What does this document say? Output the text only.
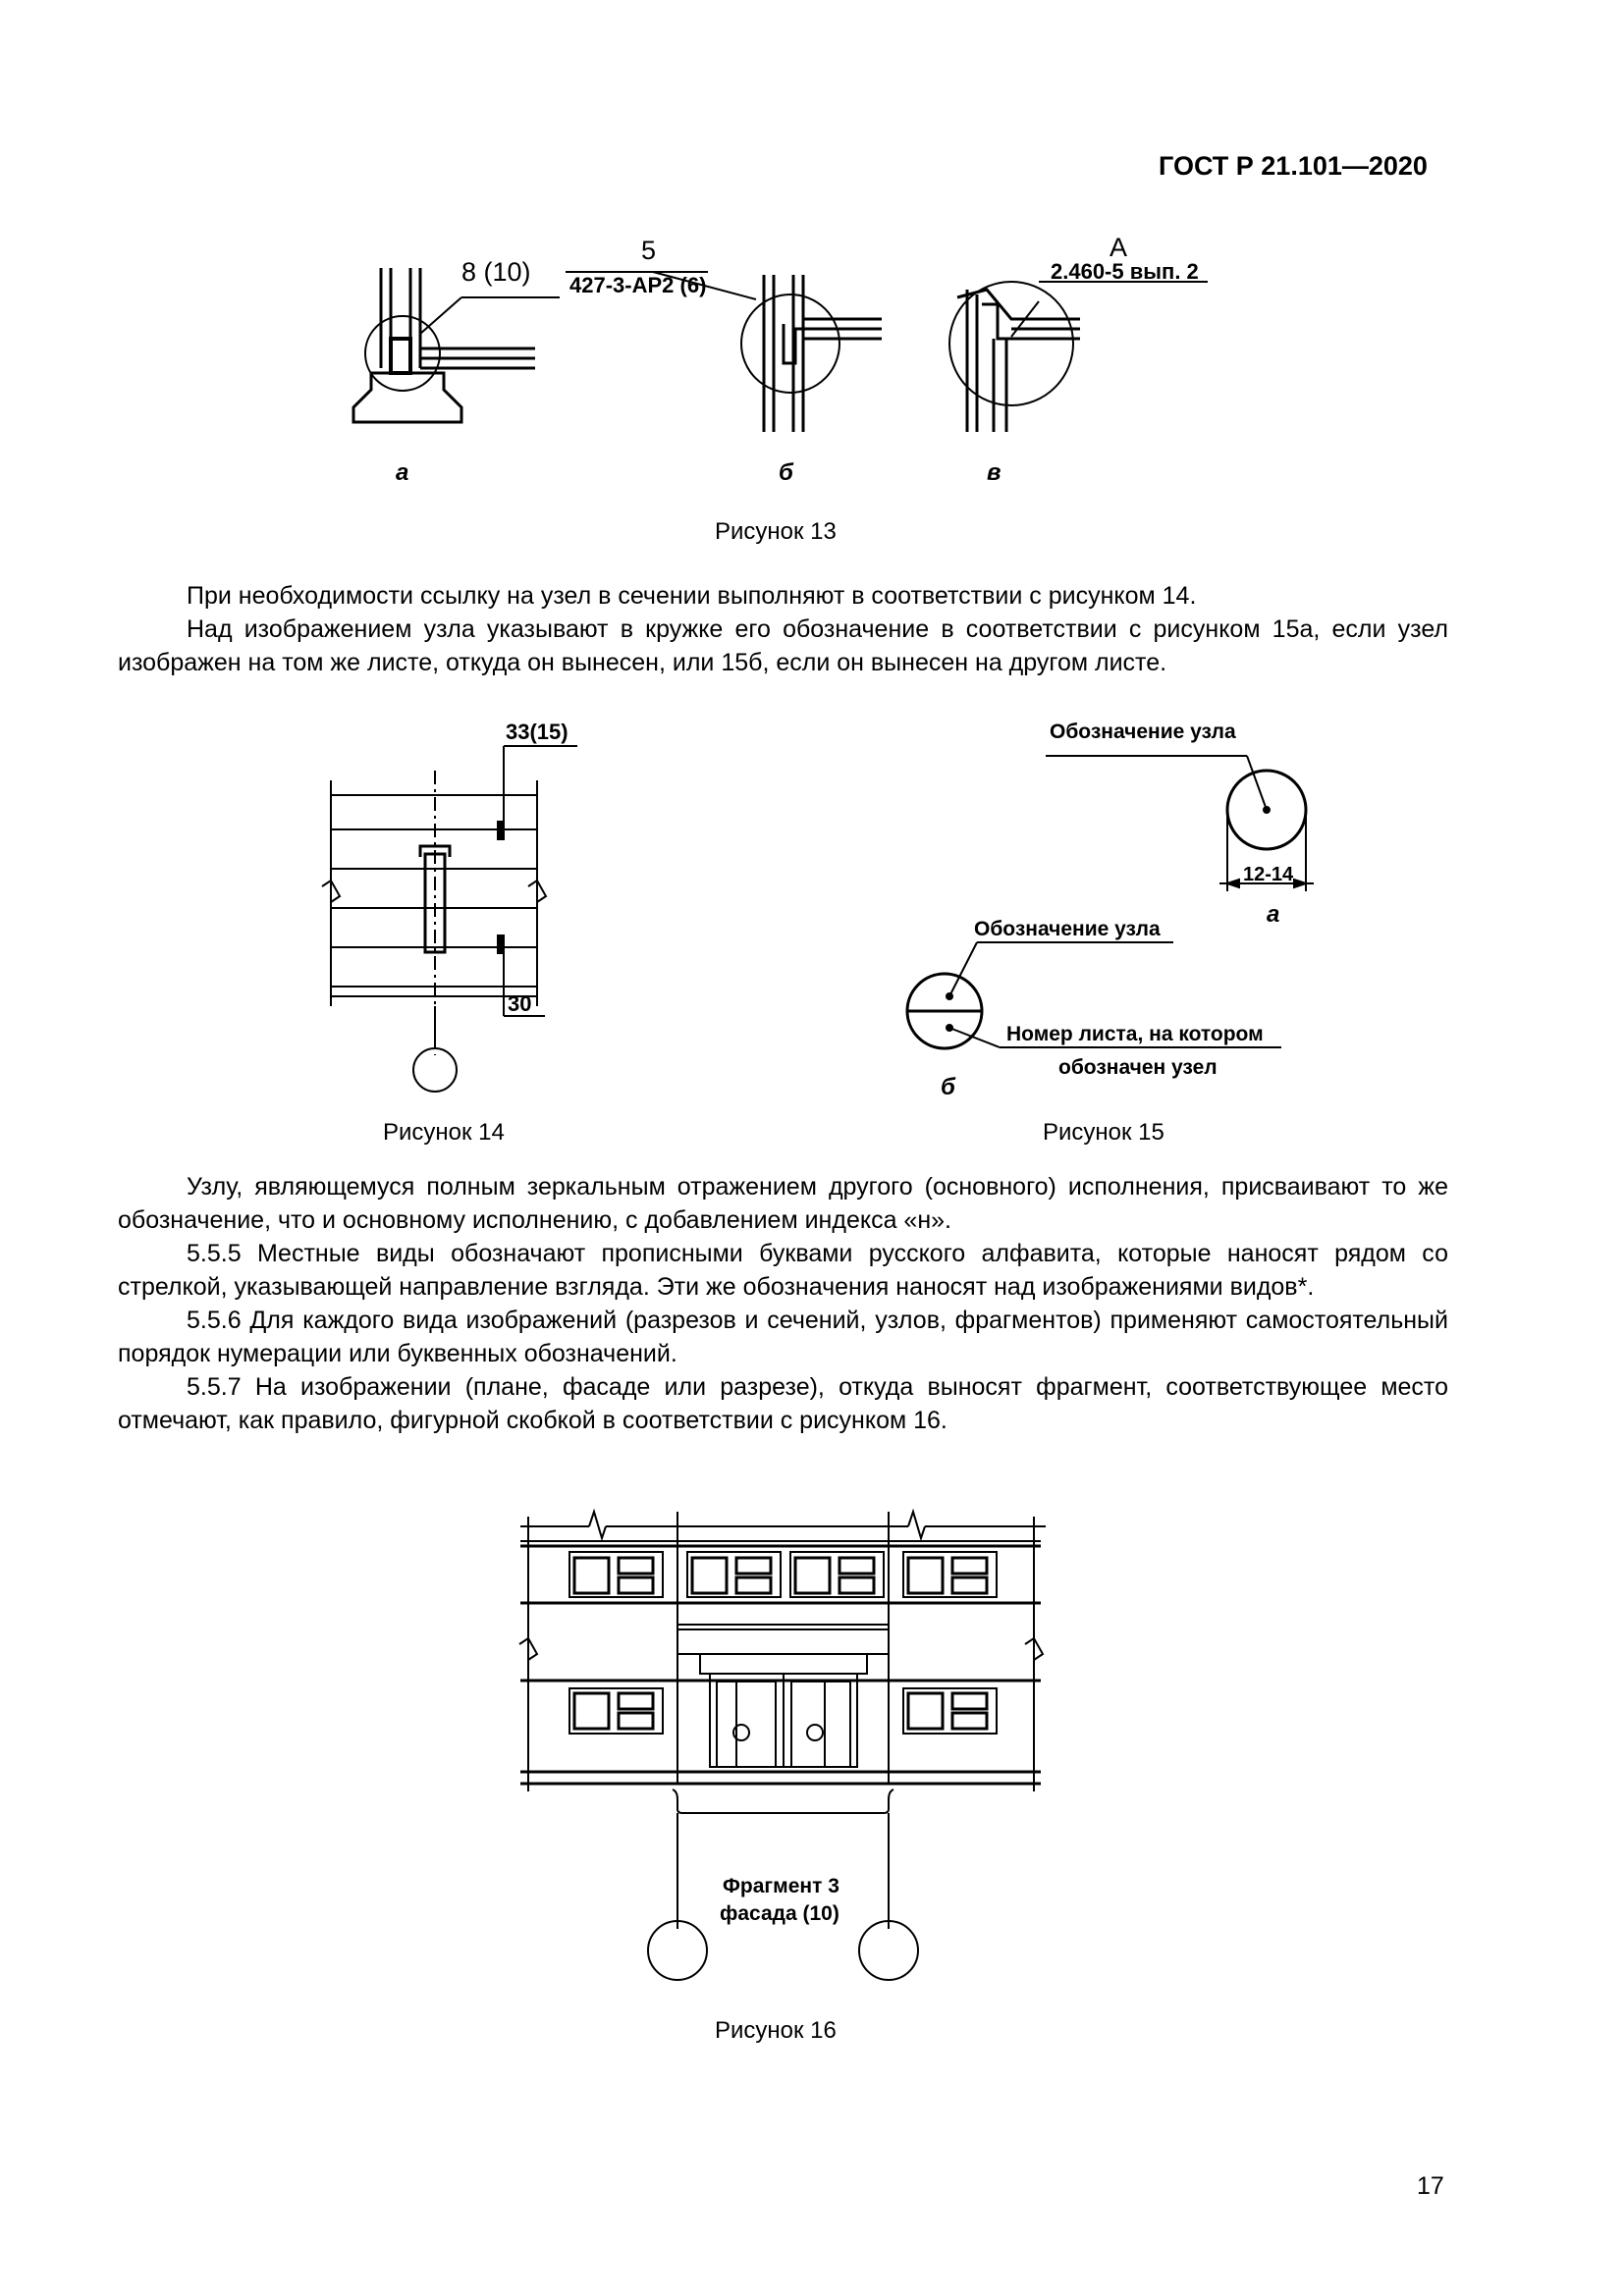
ГОСТ Р 21.101—2020
8 (10)
5
427-3-АР2 (6)
А
2.460-5 вып. 2
а	б	в
Рисунок 13

При необходимости ссылку на узел в сечении выполняют в соответствии с рисунком 14.

Над изображением узла указывают в кружке его обозначение в соответствии с рисунком 15а, если узел изображен на том же листе, откуда он вынесен, или 15б, если он вынесен на другом листе.

33(15)
30
Рисунок 14
Обозначение узла
12-14
а
Обозначение узла
Номер листа, на котором
обозначен узел
б
Рисунок 15

Узлу, являющемуся полным зеркальным отражением другого (основного) исполнения, присваивают то же обозначение, что и основному исполнению, с добавлением индекса «н».

5.5.5 Местные виды обозначают прописными буквами русского алфавита, которые наносят рядом со стрелкой, указывающей направление взгляда. Эти же обозначения наносят над изображениями видов*.

5.5.6 Для каждого вида изображений (разрезов и сечений, узлов, фрагментов) применяют самостоятельный порядок нумерации или буквенных обозначений.

5.5.7 На изображении (плане, фасаде или разрезе), откуда выносят фрагмент, соответствующее место отмечают, как правило, фигурной скобкой в соответствии с рисунком 16.

Фрагмент 3
фасада (10)
Рисунок 16
17
